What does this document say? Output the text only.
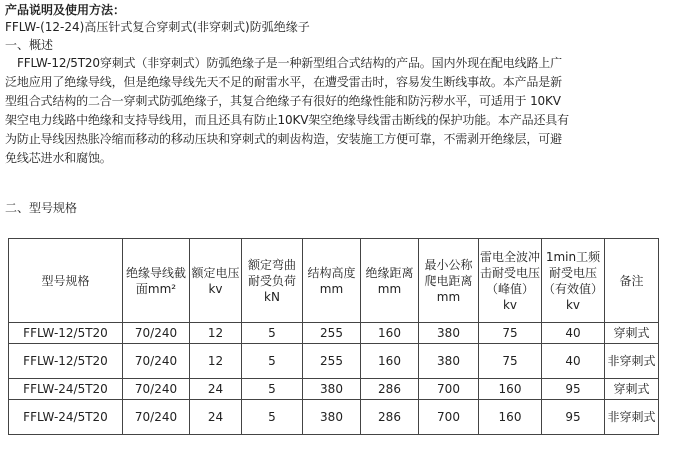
产品说明及使用方法：

FFLW-(12-24)高压针式复合穿刺式(非穿刺式)防弧绝缘子

一、概述

FFLW-12/5T20穿刺式（非穿刺式）防弧绝缘子是一种新型组合式结构的产品。国内外现在配电线路上广

泛地应用了绝缘导线，但是绝缘导线先天不足的耐雷水平，在遭受雷击时，容易发生断线事故。本产品是新

型组合式结构的二合一穿刺式防弧绝缘子，其复合绝缘子有很好的绝缘性能和防污秽水平，可适用于 10KV

架空电力线路中绝缘和支持导线用，而且还具有防止10KV架空绝缘导线雷击断线的保护功能。本产品还具有

为防止导线因热胀冷缩而移动的移动压块和穿刺式的刺齿构造，安装施工方便可靠，不需剥开绝缘层，可避

免线芯进水和腐蚀。

二、型号规格

型号规格	绝缘导线截面mm²	额定电压kv	额定弯曲耐受负荷kN	结构高度mm	绝缘距离mm	最小公称爬电距离mm	雷电全波冲击耐受电压（峰值）kv	1min工频耐受电压（有效值）kv	备注
FFLW-12/5T20	70/240	12	5	255	160	380	75	40	穿刺式
FFLW-12/5T20	70/240	12	5	255	160	380	75	40	非穿刺式
FFLW-24/5T20	70/240	24	5	380	286	700	160	95	穿刺式
FFLW-24/5T20	70/240	24	5	380	286	700	160	95	非穿刺式
